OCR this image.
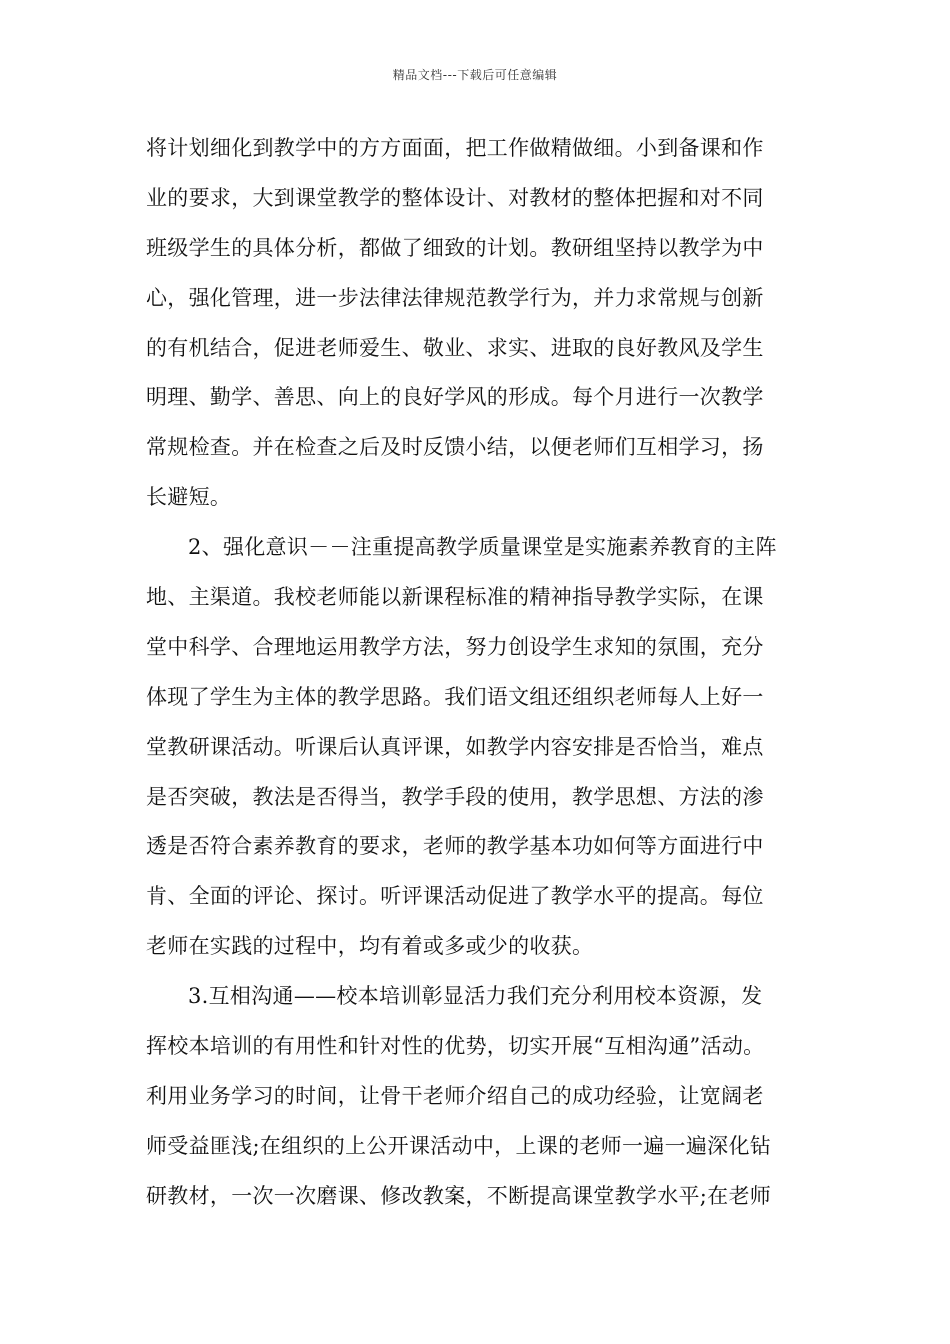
精品文档---下载后可任意编辑
将计划细化到教学中的方方面面，把工作做精做细。小到备课和作
业的要求，大到课堂教学的整体设计、对教材的整体把握和对不同
班级学生的具体分析，都做了细致的计划。教研组坚持以教学为中
心，强化管理，进一步法律法律规范教学行为，并力求常规与创新
的有机结合，促进老师爱生、敬业、求实、进取的良好教风及学生
明理、勤学、善思、向上的良好学风的形成。每个月进行一次教学
常规检查。并在检查之后及时反馈小结，以便老师们互相学习，扬
长避短。
2、强化意识－－注重提高教学质量课堂是实施素养教育的主阵
地、主渠道。我校老师能以新课程标准的精神指导教学实际，在课
堂中科学、合理地运用教学方法，努力创设学生求知的氛围，充分
体现了学生为主体的教学思路。我们语文组还组织老师每人上好一
堂教研课活动。听课后认真评课，如教学内容安排是否恰当，难点
是否突破，教法是否得当，教学手段的使用，教学思想、方法的渗
透是否符合素养教育的要求，老师的教学基本功如何等方面进行中
肯、全面的评论、探讨。听评课活动促进了教学水平的提高。每位
老师在实践的过程中，均有着或多或少的收获。
3.互相沟通——校本培训彰显活力我们充分利用校本资源，发
挥校本培训的有用性和针对性的优势，切实开展“互相沟通”活动。
利用业务学习的时间，让骨干老师介绍自己的成功经验，让宽阔老
师受益匪浅;在组织的上公开课活动中，上课的老师一遍一遍深化钻
研教材，一次一次磨课、修改教案，不断提高课堂教学水平;在老师
